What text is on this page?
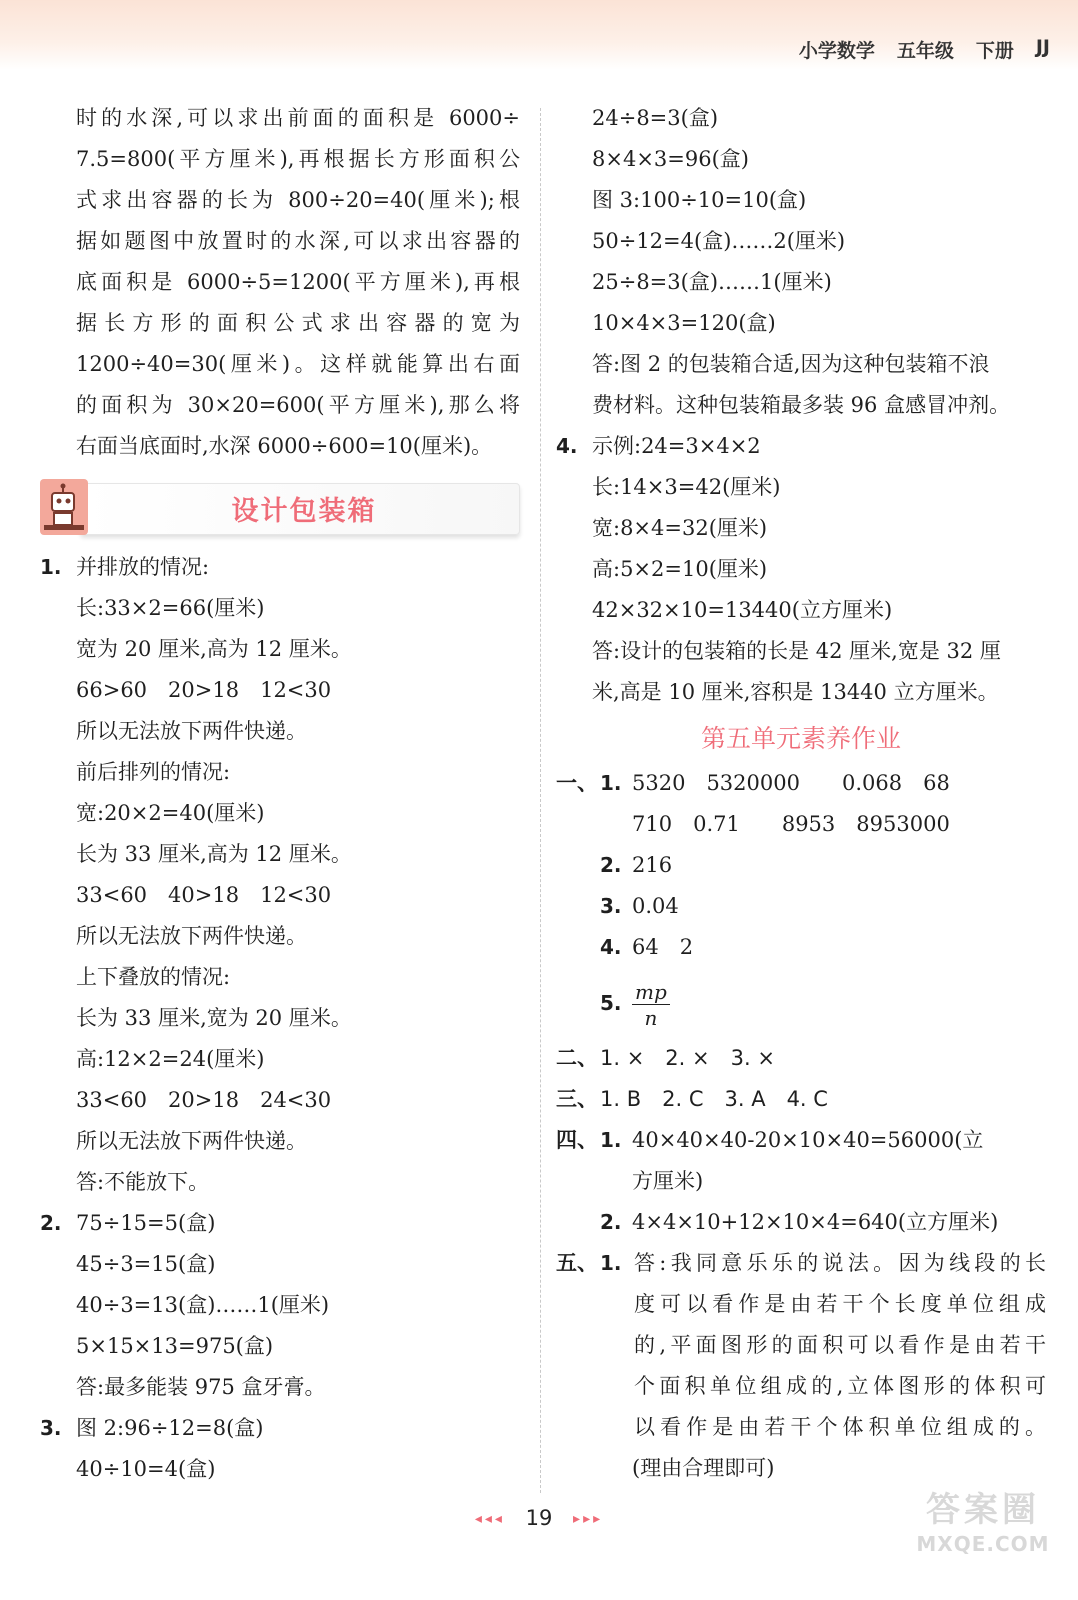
小学数学 五年级 下册 JJ
时的水深,可以求出前面的面积是 6000÷
7.5=800(平方厘米),再根据长方形面积公
式求出容器的长为 800÷20=40(厘米);根
据如题图中放置时的水深,可以求出容器的
底面积是 6000÷5=1200(平方厘米),再根
据长方形的面积公式求出容器的宽为
1200÷40=30(厘米)。这样就能算出右面
的面积为 30×20=600(平方厘米),那么将
右面当底面时,水深 6000÷600=10(厘米)。
设计包装箱
1. 并排放的情况:
长:33×2=66(厘米)
宽为 20 厘米,高为 12 厘米。
66>60　20>18　12<30
所以无法放下两件快递。
前后排列的情况:
宽:20×2=40(厘米)
长为 33 厘米,高为 12 厘米。
33<60　40>18　12<30
所以无法放下两件快递。
上下叠放的情况:
长为 33 厘米,宽为 20 厘米。
高:12×2=24(厘米)
33<60　20>18　24<30
所以无法放下两件快递。
答:不能放下。
2. 75÷15=5(盒)
45÷3=15(盒)
40÷3=13(盒)……1(厘米)
5×15×13=975(盒)
答:最多能装 975 盒牙膏。
3. 图 2:96÷12=8(盒)
40÷10=4(盒)
24÷8=3(盒)
8×4×3=96(盒)
图 3:100÷10=10(盒)
50÷12=4(盒)……2(厘米)
25÷8=3(盒)……1(厘米)
10×4×3=120(盒)
答:图 2 的包装箱合适,因为这种包装箱不浪
费材料。这种包装箱最多装 96 盒感冒冲剂。
4. 示例:24=3×4×2
长:14×3=42(厘米)
宽:8×4=32(厘米)
高:5×2=10(厘米)
42×32×10=13440(立方厘米)
答:设计的包装箱的长是 42 厘米,宽是 32 厘
米,高是 10 厘米,容积是 13440 立方厘米。
第五单元素养作业
一、 1. 5320　5320000　　0.068　68
710　0.71　　8953　8953000
2. 216
3. 0.04
4. 64　2
5. $\frac{mp}{n}$
二、 1. ×　2. ×　3. ×
三、 1. B　2. C　3. A　4. C
四、 1. 40×40×40-20×10×40=56000(立
方厘米)
2. 4×4×10+12×10×4=640(立方厘米)
五、 1. 答:我同意乐乐的说法。因为线段的长
度可以看作是由若干个长度单位组成
的,平面图形的面积可以看作是由若干
个面积单位组成的,立体图形的体积可
以看作是由若干个体积单位组成的。
(理由合理即可)
◂◂◂ 19 ▸▸▸	答案圈
MXQE.COM
